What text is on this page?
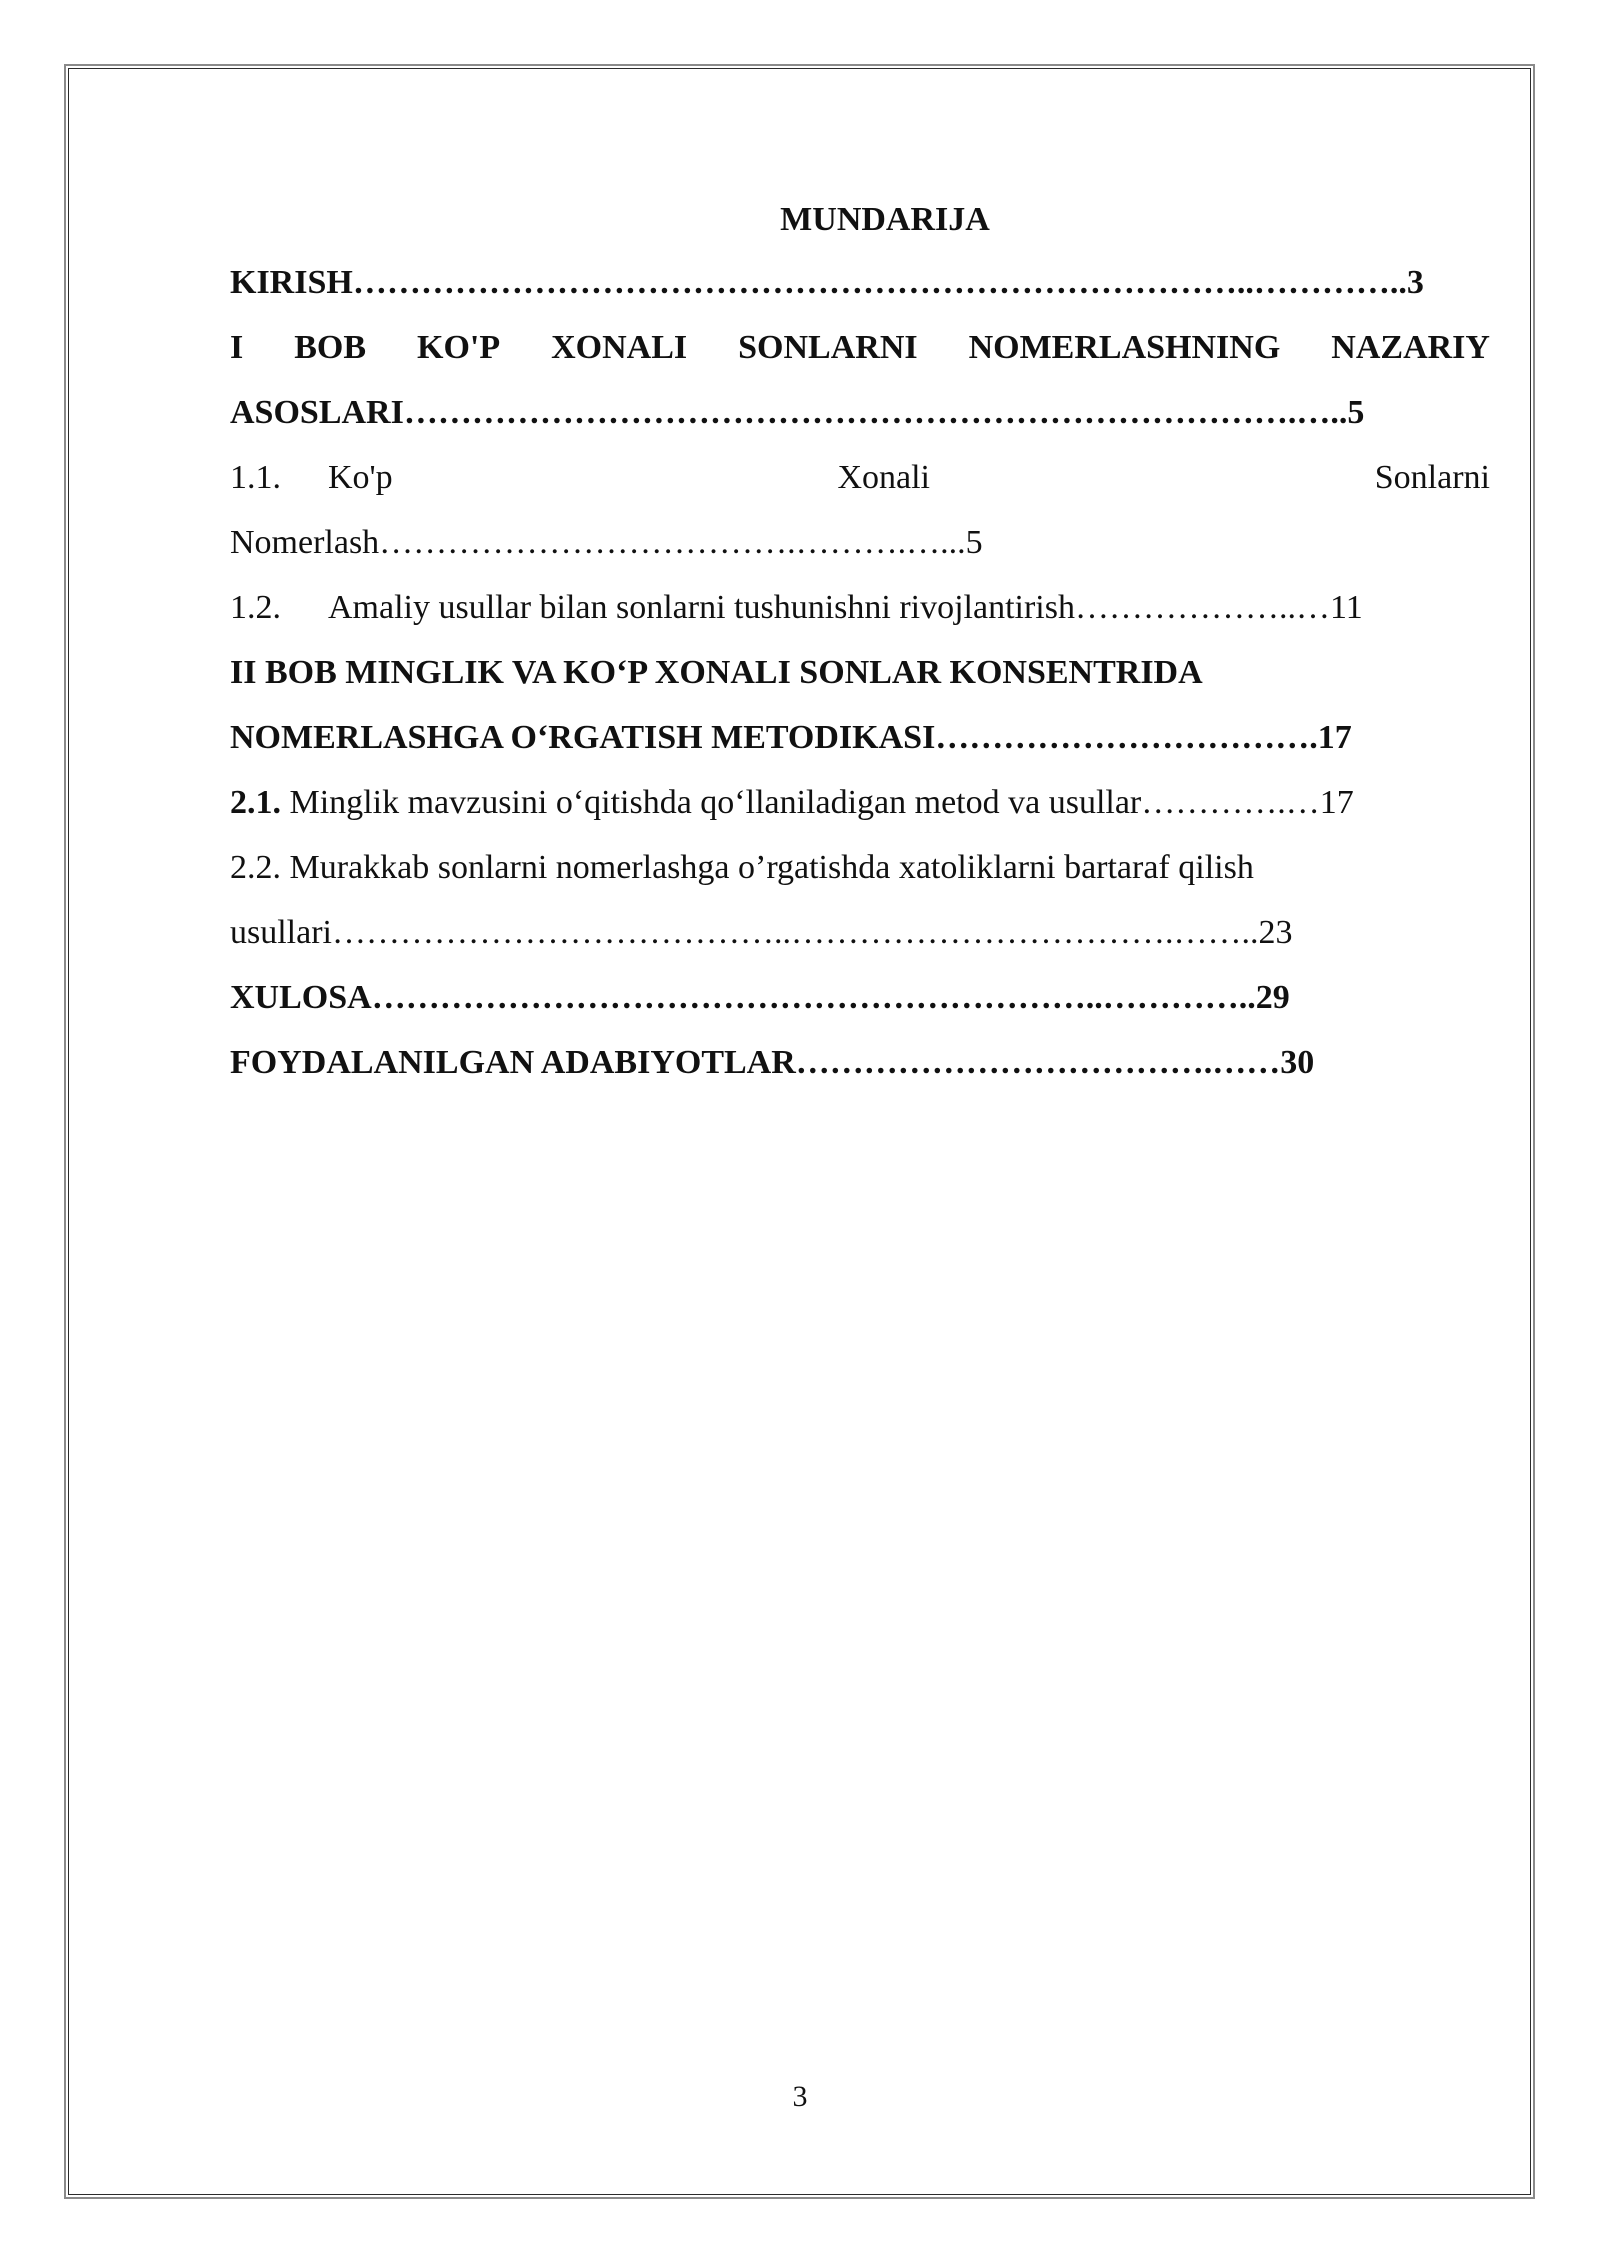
MUNDARIJA
KIRISH……………………………………………………………………..…………..3
I BOB KO'P XONALI SONLARNI NOMERLASHNING NAZARIY
ASOSLARI…………………………………………………………………….…..5
1.1. Ko'p	Xonali	Sonlarni
Nomerlash……………………………….……….…...5
1.2. Amaliy usullar bilan sonlarni tushunishni rivojlantirish………………..…11
II BOB MINGLIK VA KO‘P XONALI SONLAR KONSENTRIDA
NOMERLASHGA O‘RGATISH METODIKASI…………………………….17
2.1. Minglik mavzusini o‘qitishda qo‘llaniladigan metod va usullar………….…17
2.2. Murakkab sonlarni nomerlashga o’rgatishda xatoliklarni bartaraf qilish
usullari…………………………………..…………………………….……..23
XULOSA………………………………………………………..…………..29
FOYDALANILGAN ADABIYOTLAR……………………………….……30
3
